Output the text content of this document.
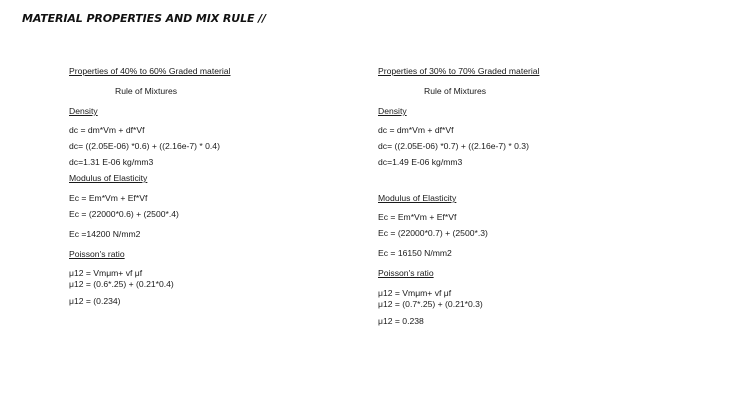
MATERIAL PROPERTIES AND MIX RULE //
Properties of 40% to 60% Graded material
Rule of Mixtures
Density
dc = dm*Vm + df*Vf
dc= ((2.05E-06) *0.6) + ((2.16e-7) * 0.4)
dc=1.31 E-06 kg/mm3
Modulus of Elasticity
Ec = Em*Vm + Ef*Vf
Ec = (22000*0.6) + (2500*.4)
Ec =14200 N/mm2
Poisson's ratio
μ12 = Vmμm+ vf μf
μ12 = (0.6*.25) + (0.21*0.4)
μ12 = (0.234)
Properties of 30% to 70% Graded material
Rule of Mixtures
Density
dc = dm*Vm + df*Vf
dc= ((2.05E-06) *0.7) + ((2.16e-7) * 0.3)
dc=1.49 E-06 kg/mm3
Modulus of Elasticity
Ec = Em*Vm + Ef*Vf
Ec = (22000*0.7) + (2500*.3)
Ec = 16150 N/mm2
Poisson's ratio
μ12 = Vmμm+ vf μf
μ12 = (0.7*.25) + (0.21*0.3)
μ12 = 0.238
